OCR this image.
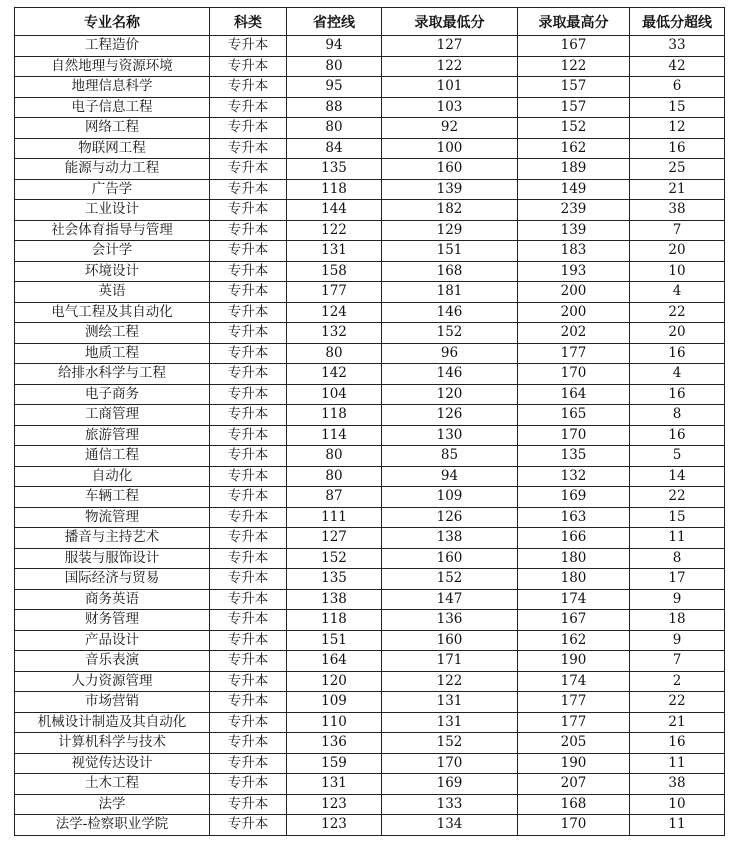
专业名称	科类	省控线	录取最低分	录取最高分	最低分超线
工程造价	专升本	94	127	167	33
自然地理与资源环境	专升本	80	122	122	42
地理信息科学	专升本	95	101	157	6
电子信息工程	专升本	88	103	157	15
网络工程	专升本	80	92	152	12
物联网工程	专升本	84	100	162	16
能源与动力工程	专升本	135	160	189	25
广告学	专升本	118	139	149	21
工业设计	专升本	144	182	239	38
社会体育指导与管理	专升本	122	129	139	7
会计学	专升本	131	151	183	20
环境设计	专升本	158	168	193	10
英语	专升本	177	181	200	4
电气工程及其自动化	专升本	124	146	200	22
测绘工程	专升本	132	152	202	20
地质工程	专升本	80	96	177	16
给排水科学与工程	专升本	142	146	170	4
电子商务	专升本	104	120	164	16
工商管理	专升本	118	126	165	8
旅游管理	专升本	114	130	170	16
通信工程	专升本	80	85	135	5
自动化	专升本	80	94	132	14
车辆工程	专升本	87	109	169	22
物流管理	专升本	111	126	163	15
播音与主持艺术	专升本	127	138	166	11
服装与服饰设计	专升本	152	160	180	8
国际经济与贸易	专升本	135	152	180	17
商务英语	专升本	138	147	174	9
财务管理	专升本	118	136	167	18
产品设计	专升本	151	160	162	9
音乐表演	专升本	164	171	190	7
人力资源管理	专升本	120	122	174	2
市场营销	专升本	109	131	177	22
机械设计制造及其自动化	专升本	110	131	177	21
计算机科学与技术	专升本	136	152	205	16
视觉传达设计	专升本	159	170	190	11
土木工程	专升本	131	169	207	38
法学	专升本	123	133	168	10
法学-检察职业学院	专升本	123	134	170	11
